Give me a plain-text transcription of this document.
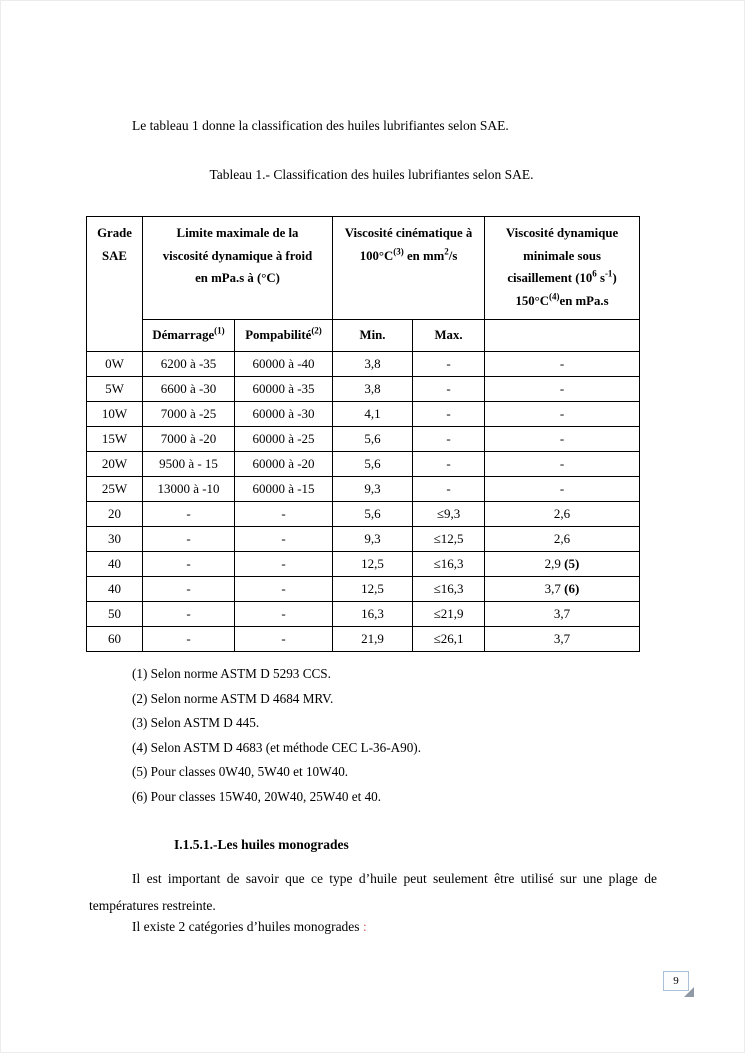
Le tableau 1 donne la classification des huiles lubrifiantes selon SAE.

Tableau 1.- Classification des huiles lubrifiantes selon SAE.

Grade
SAE

Limite maximale de la
viscosité dynamique à froid
en mPa.s à (°C)

Viscosité cinématique à
$100^\circ C^{(3)}$ en $mm^2/s$

Viscosité dynamique
minimale sous
cisaillement ($10^6$ $s^{-1}$)
$150^\circ C^{(4)}en$ mPa.s

	Démarrage$^{(1)}$	Pompabilité$^{(2)}$	Min.	Max.	
0W	6200 à -35	60000 à -40	3,8	-	-
5W	6600 à -30	60000 à -35	3,8	-	-
10W	7000 à -25	60000 à -30	4,1	-	-
15W	7000 à -20	60000 à -25	5,6	-	-
20W	9500 à - 15	60000 à -20	5,6	-	-
25W	13000 à -10	60000 à -15	9,3	-	-
20	-	-	5,6	≤9,3	2,6
30	-	-	9,3	≤12,5	2,6
40	-	-	12,5	≤16,3	2,9 (5)
40	-	-	12,5	≤16,3	3,7 (6)
50	-	-	16,3	≤21,9	3,7
60	-	-	21,9	≤26,1	3,7

(1) Selon norme ASTM D 5293 CCS.

(2) Selon norme ASTM D 4684 MRV.

(3) Selon ASTM D 445.

(4) Selon ASTM D 4683 (et méthode CEC L-36-A90).

(5) Pour classes 0W40, 5W40 et 10W40.

(6) Pour classes 15W40, 20W40, 25W40 et 40.

I.1.5.1.-Les huiles monogrades

Il est important de savoir que ce type d’huile peut seulement être utilisé sur une plage de températures restreinte.

Il existe 2 catégories d’huiles monogrades :

9
